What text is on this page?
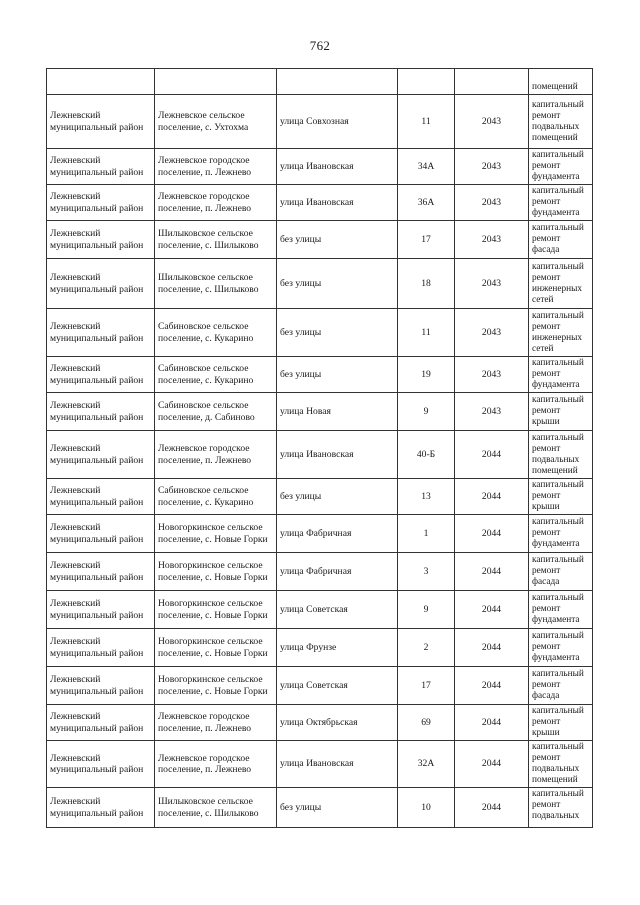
762
					помещений
Лежневский муниципальный район	Лежневское сельское поселение, с. Ухтохма	улица Совхозная	11	2043	капитальный ремонт подвальных помещений
Лежневский муниципальный район	Лежневское городское поселение, п. Лежнево	улица Ивановская	34А	2043	капитальный ремонт фундамента
Лежневский муниципальный район	Лежневское городское поселение, п. Лежнево	улица Ивановская	36А	2043	капитальный ремонт фундамента
Лежневский муниципальный район	Шилыковское сельское поселение, с. Шилыково	без улицы	17	2043	капитальный ремонт фасада
Лежневский муниципальный район	Шилыковское сельское поселение, с. Шилыково	без улицы	18	2043	капитальный ремонт инженерных сетей
Лежневский муниципальный район	Сабиновское сельское поселение, с. Кукарино	без улицы	11	2043	капитальный ремонт инженерных сетей
Лежневский муниципальный район	Сабиновское сельское поселение, с. Кукарино	без улицы	19	2043	капитальный ремонт фундамента
Лежневский муниципальный район	Сабиновское сельское поселение, д. Сабиново	улица Новая	9	2043	капитальный ремонт крыши
Лежневский муниципальный район	Лежневское городское поселение, п. Лежнево	улица Ивановская	40-Б	2044	капитальный ремонт подвальных помещений
Лежневский муниципальный район	Сабиновское сельское поселение, с. Кукарино	без улицы	13	2044	капитальный ремонт крыши
Лежневский муниципальный район	Новогоркинское сельское поселение, с. Новые Горки	улица Фабричная	1	2044	капитальный ремонт фундамента
Лежневский муниципальный район	Новогоркинское сельское поселение, с. Новые Горки	улица Фабричная	3	2044	капитальный ремонт фасада
Лежневский муниципальный район	Новогоркинское сельское поселение, с. Новые Горки	улица Советская	9	2044	капитальный ремонт фундамента
Лежневский муниципальный район	Новогоркинское сельское поселение, с. Новые Горки	улица Фрунзе	2	2044	капитальный ремонт фундамента
Лежневский муниципальный район	Новогоркинское сельское поселение, с. Новые Горки	улица Советская	17	2044	капитальный ремонт фасада
Лежневский муниципальный район	Лежневское городское поселение, п. Лежнево	улица Октябрьская	69	2044	капитальный ремонт крыши
Лежневский муниципальный район	Лежневское городское поселение, п. Лежнево	улица Ивановская	32А	2044	капитальный ремонт подвальных помещений
Лежневский муниципальный район	Шилыковское сельское поселение, с. Шилыково	без улицы	10	2044	капитальный ремонт подвальных
